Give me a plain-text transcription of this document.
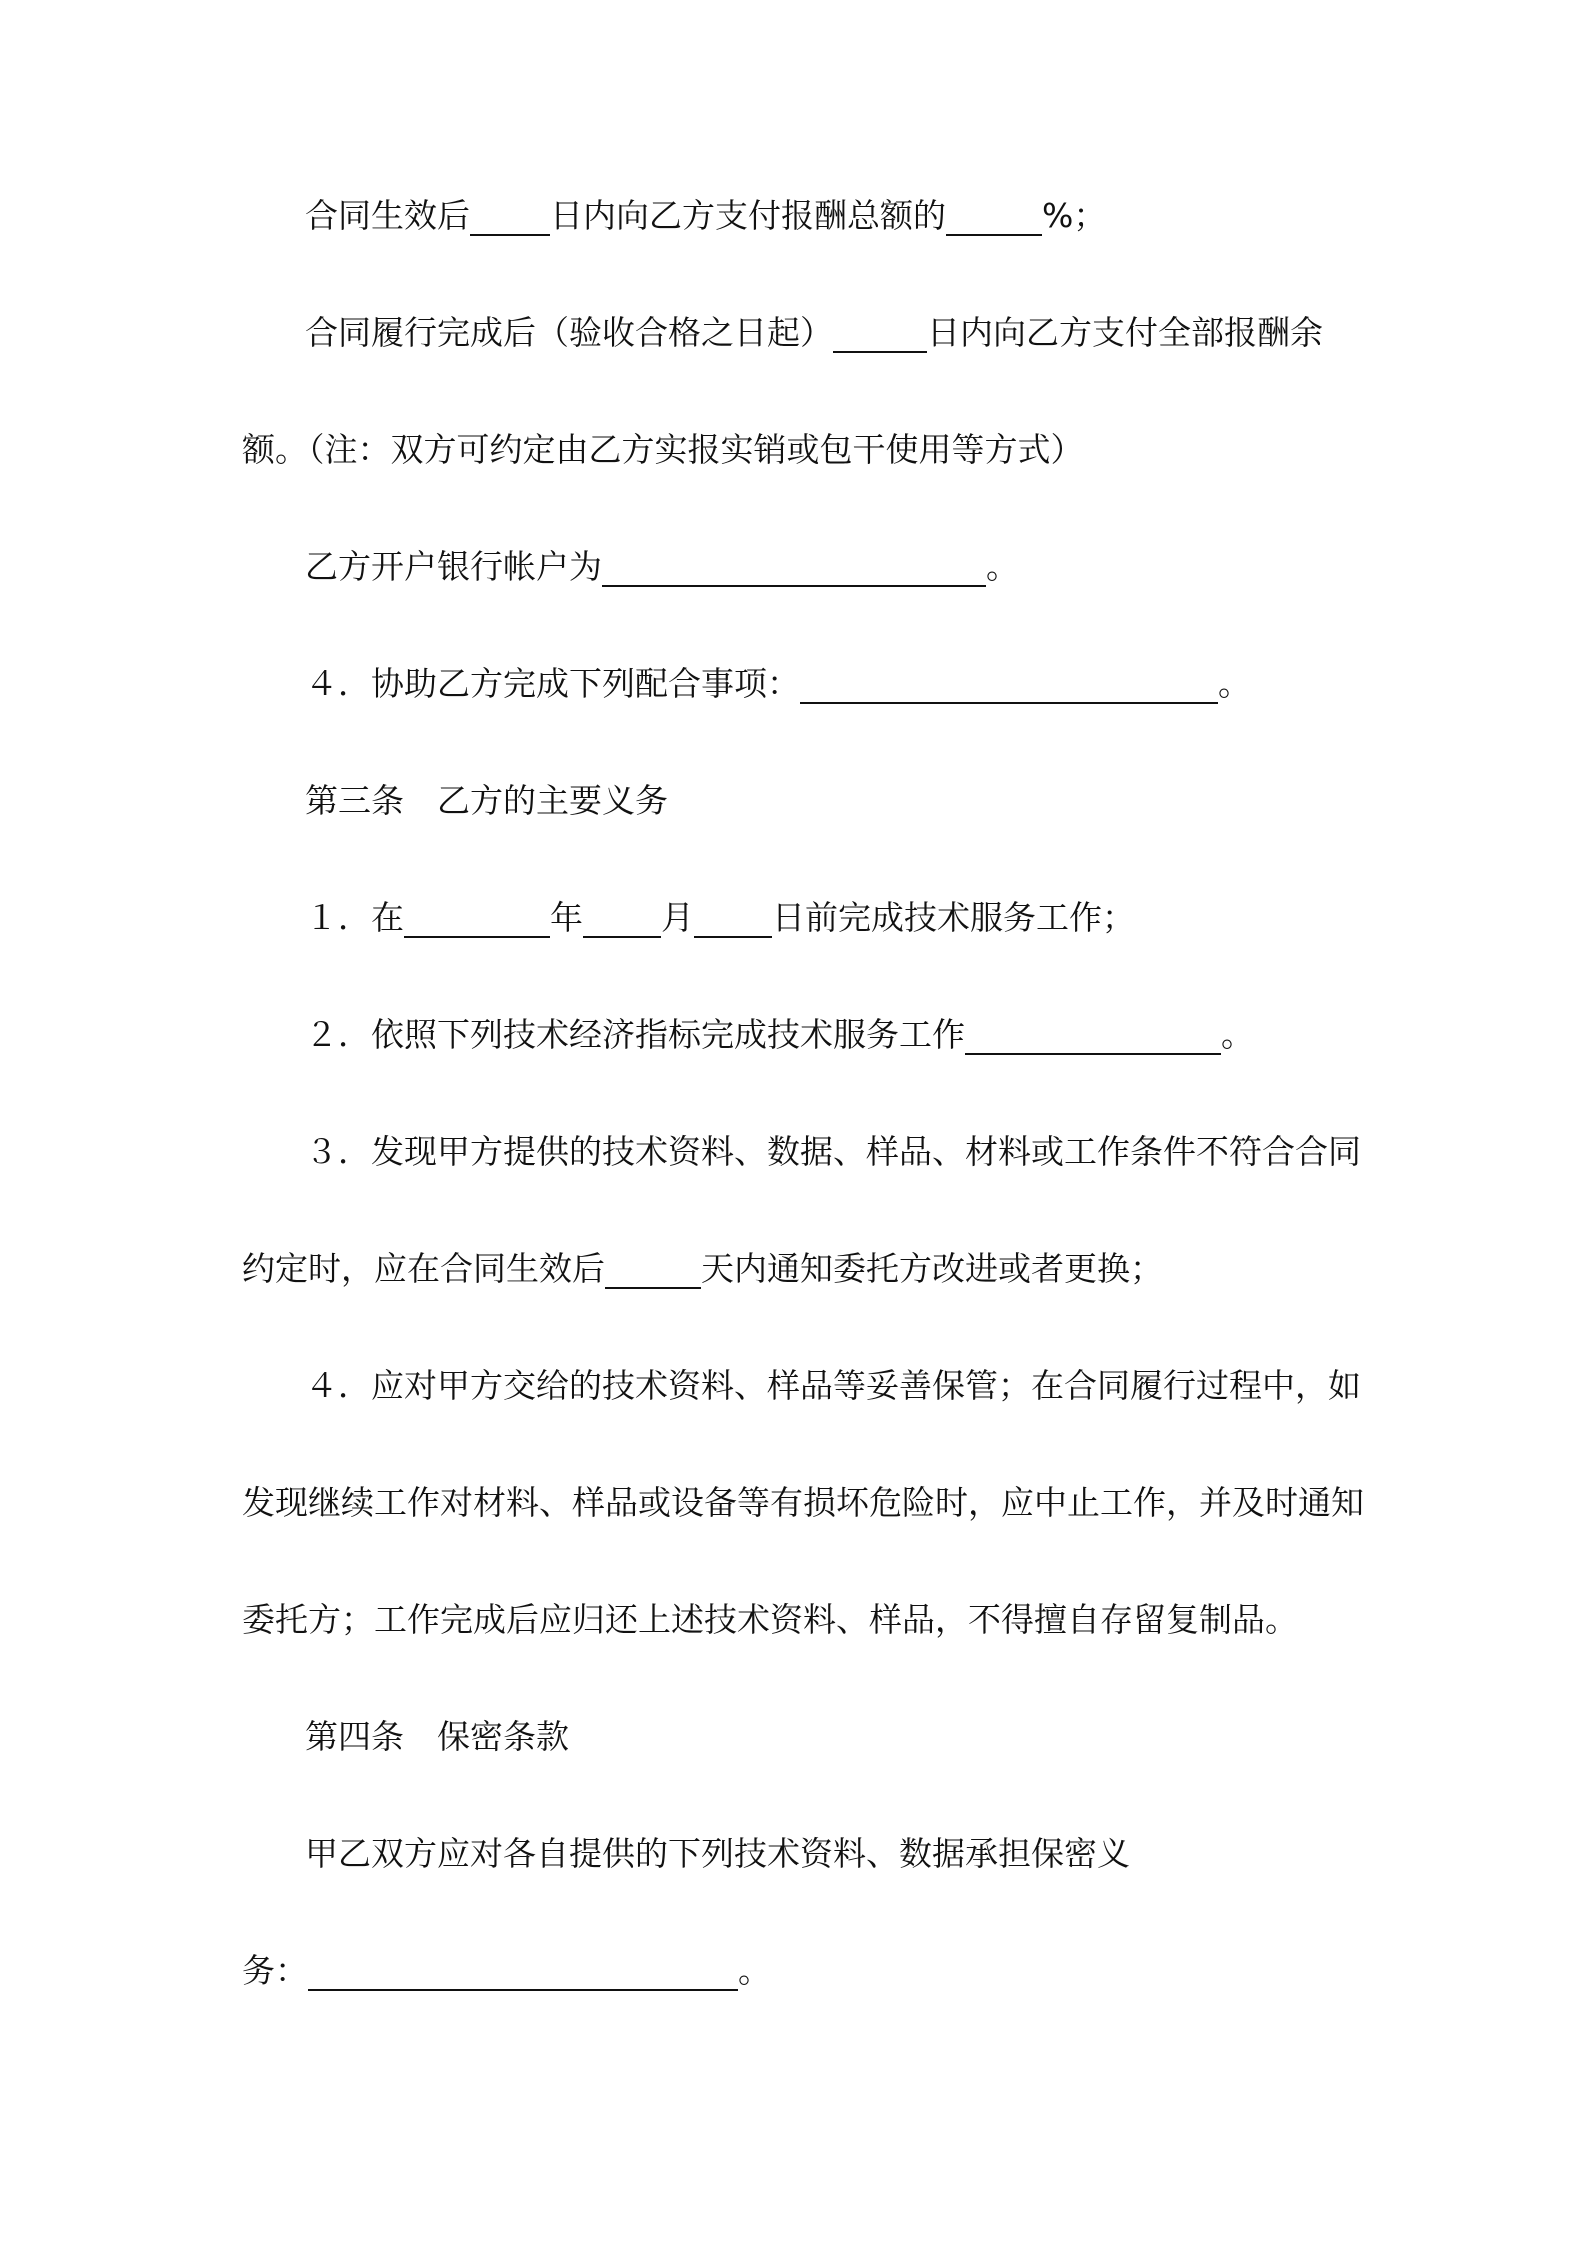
合同生效后 日内向乙方支付报酬总额的	%；
合同履行完成后（验收合格之日起）	日内向乙方支付全部报酬余
额。（注：双方可约定由乙方实报实销或包干使用等方式）
乙方开户银行帐户为	。
４．协助乙方完成下列配合事项：	。
第三条　乙方的主要义务
１．在	年 月 日前完成技术服务工作；
２．依照下列技术经济指标完成技术服务工作	。
３．发现甲方提供的技术资料、数据、样品、材料或工作条件不符合合同
约定时，应在合同生效后	天内通知委托方改进或者更换；
４．应对甲方交给的技术资料、样品等妥善保管；在合同履行过程中，如
发现继续工作对材料、样品或设备等有损坏危险时，应中止工作，并及时通知
委托方；工作完成后应归还上述技术资料、样品，不得擅自存留复制品。
第四条　保密条款
甲乙双方应对各自提供的下列技术资料、数据承担保密义
务：	。
